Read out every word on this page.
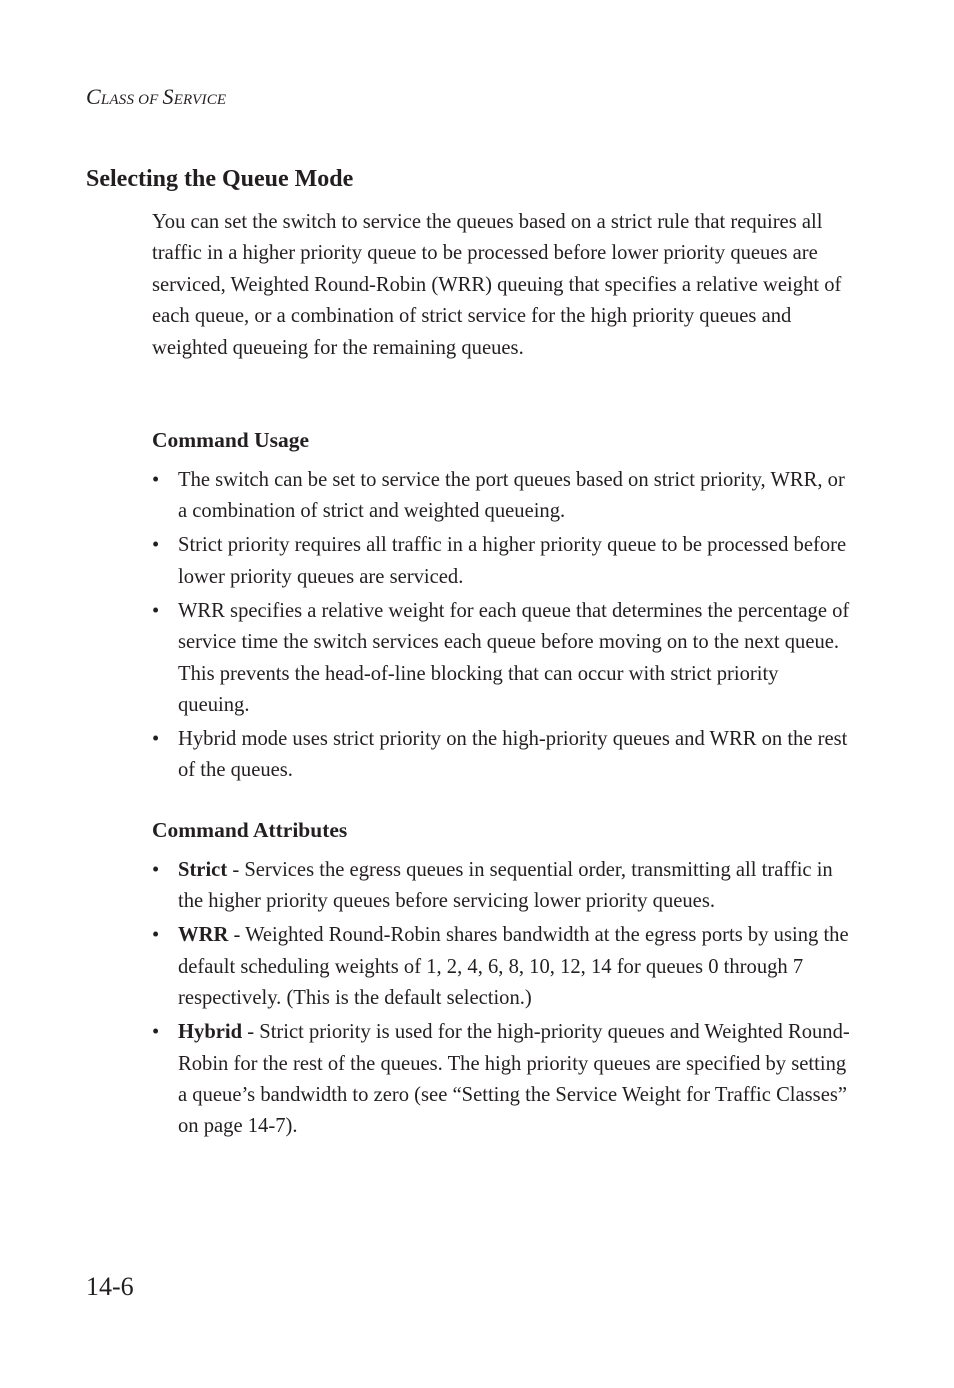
CLASS OF SERVICE
Selecting the Queue Mode

You can set the switch to service the queues based on a strict rule that requires all traffic in a higher priority queue to be processed before lower priority queues are serviced, Weighted Round-Robin (WRR) queuing that specifies a relative weight of each queue, or a combination of strict service for the high priority queues and weighted queueing for the remaining queues.

Command Usage
• The switch can be set to service the port queues based on strict priority, WRR, or a combination of strict and weighted queueing.
• Strict priority requires all traffic in a higher priority queue to be processed before lower priority queues are serviced.
• WRR specifies a relative weight for each queue that determines the percentage of service time the switch services each queue before moving on to the next queue. This prevents the head-of-line blocking that can occur with strict priority queuing.
• Hybrid mode uses strict priority on the high-priority queues and WRR on the rest of the queues.
Command Attributes
• Strict - Services the egress queues in sequential order, transmitting all traffic in the higher priority queues before servicing lower priority queues.
• WRR - Weighted Round-Robin shares bandwidth at the egress ports by using the default scheduling weights of 1, 2, 4, 6, 8, 10, 12, 14 for queues 0 through 7 respectively. (This is the default selection.)
• Hybrid - Strict priority is used for the high-priority queues and Weighted Round-Robin for the rest of the queues. The high priority queues are specified by setting a queue’s bandwidth to zero (see “Setting the Service Weight for Traffic Classes” on page 14-7).
14-6
